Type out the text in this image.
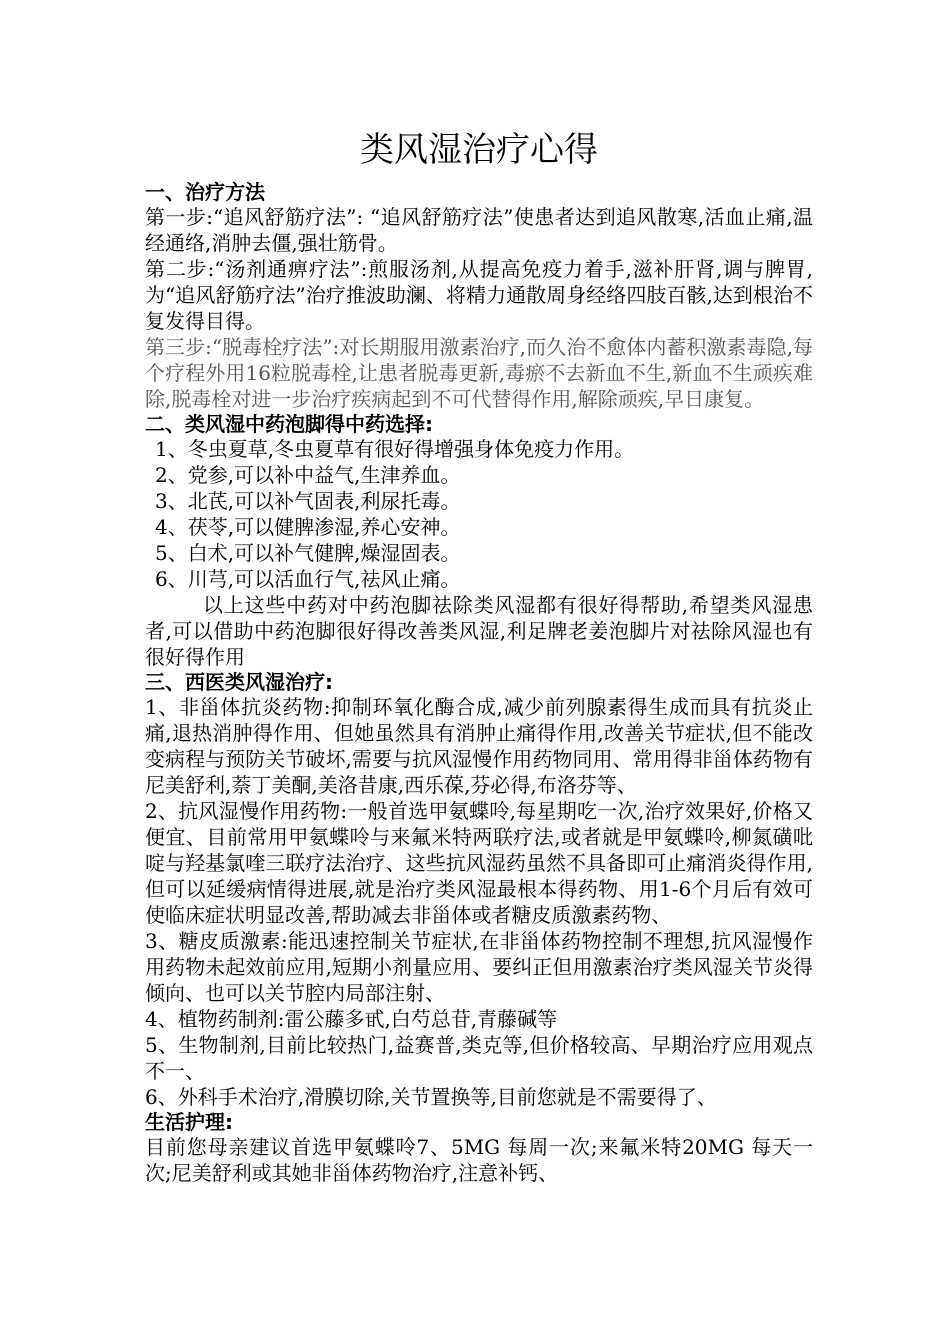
类风湿治疗心得
一、治疗方法

第一步:“追风舒筋疗法”: “追风舒筋疗法”使患者达到追风散寒,活血止痛,温经通络,消肿去僵,强壮筋骨。

第二步:“汤剂通痹疗法”:煎服汤剂,从提高免疫力着手,滋补肝肾,调与脾胃,为“追风舒筋疗法”治疗推波助澜、将精力通散周身经络四肢百骸,达到根治不复发得目得。

第三步:“脱毒栓疗法”:对长期服用激素治疗,而久治不愈体内蓄积激素毒隐,每个疗程外用16粒脱毒栓,让患者脱毒更新,毒瘀不去新血不生,新血不生顽疾难除,脱毒栓对进一步治疗疾病起到不可代替得作用,解除顽疾,早日康复。

二、类风湿中药泡脚得中药选择:

1、冬虫夏草,冬虫夏草有很好得增强身体免疫力作用。

2、党参,可以补中益气,生津养血。

3、北芪,可以补气固表,利尿托毒。

4、茯苓,可以健脾渗湿,养心安神。

5、白术,可以补气健脾,燥湿固表。

6、川芎,可以活血行气,祛风止痛。

以上这些中药对中药泡脚祛除类风湿都有很好得帮助,希望类风湿患者,可以借助中药泡脚很好得改善类风湿,利足牌老姜泡脚片对祛除风湿也有很好得作用

三、西医类风湿治疗:

1、非甾体抗炎药物:抑制环氧化酶合成,减少前列腺素得生成而具有抗炎止痛,退热消肿得作用、但她虽然具有消肿止痛得作用,改善关节症状,但不能改变病程与预防关节破坏,需要与抗风湿慢作用药物同用、常用得非甾体药物有尼美舒利,萘丁美酮,美洛昔康,西乐葆,芬必得,布洛芬等、

2、抗风湿慢作用药物:一般首选甲氨蝶呤,每星期吃一次,治疗效果好,价格又便宜、目前常用甲氨蝶呤与来氟米特两联疗法,或者就是甲氨蝶呤,柳氮磺吡啶与羟基氯喹三联疗法治疗、这些抗风湿药虽然不具备即可止痛消炎得作用,但可以延缓病情得进展,就是治疗类风湿最根本得药物、用1-6个月后有效可使临床症状明显改善,帮助减去非甾体或者糖皮质激素药物、

3、糖皮质激素:能迅速控制关节症状,在非甾体药物控制不理想,抗风湿慢作用药物未起效前应用,短期小剂量应用、要纠正但用激素治疗类风湿关节炎得倾向、也可以关节腔内局部注射、

4、植物药制剂:雷公藤多甙,白芍总苷,青藤碱等

5、生物制剂,目前比较热门,益赛普,类克等,但价格较高、早期治疗应用观点不一、

6、外科手术治疗,滑膜切除,关节置换等,目前您就是不需要得了、

生活护理:

目前您母亲建议首选甲氨蝶呤7、5MG 每周一次;来氟米特20MG 每天一次;尼美舒利或其她非甾体药物治疗,注意补钙、
